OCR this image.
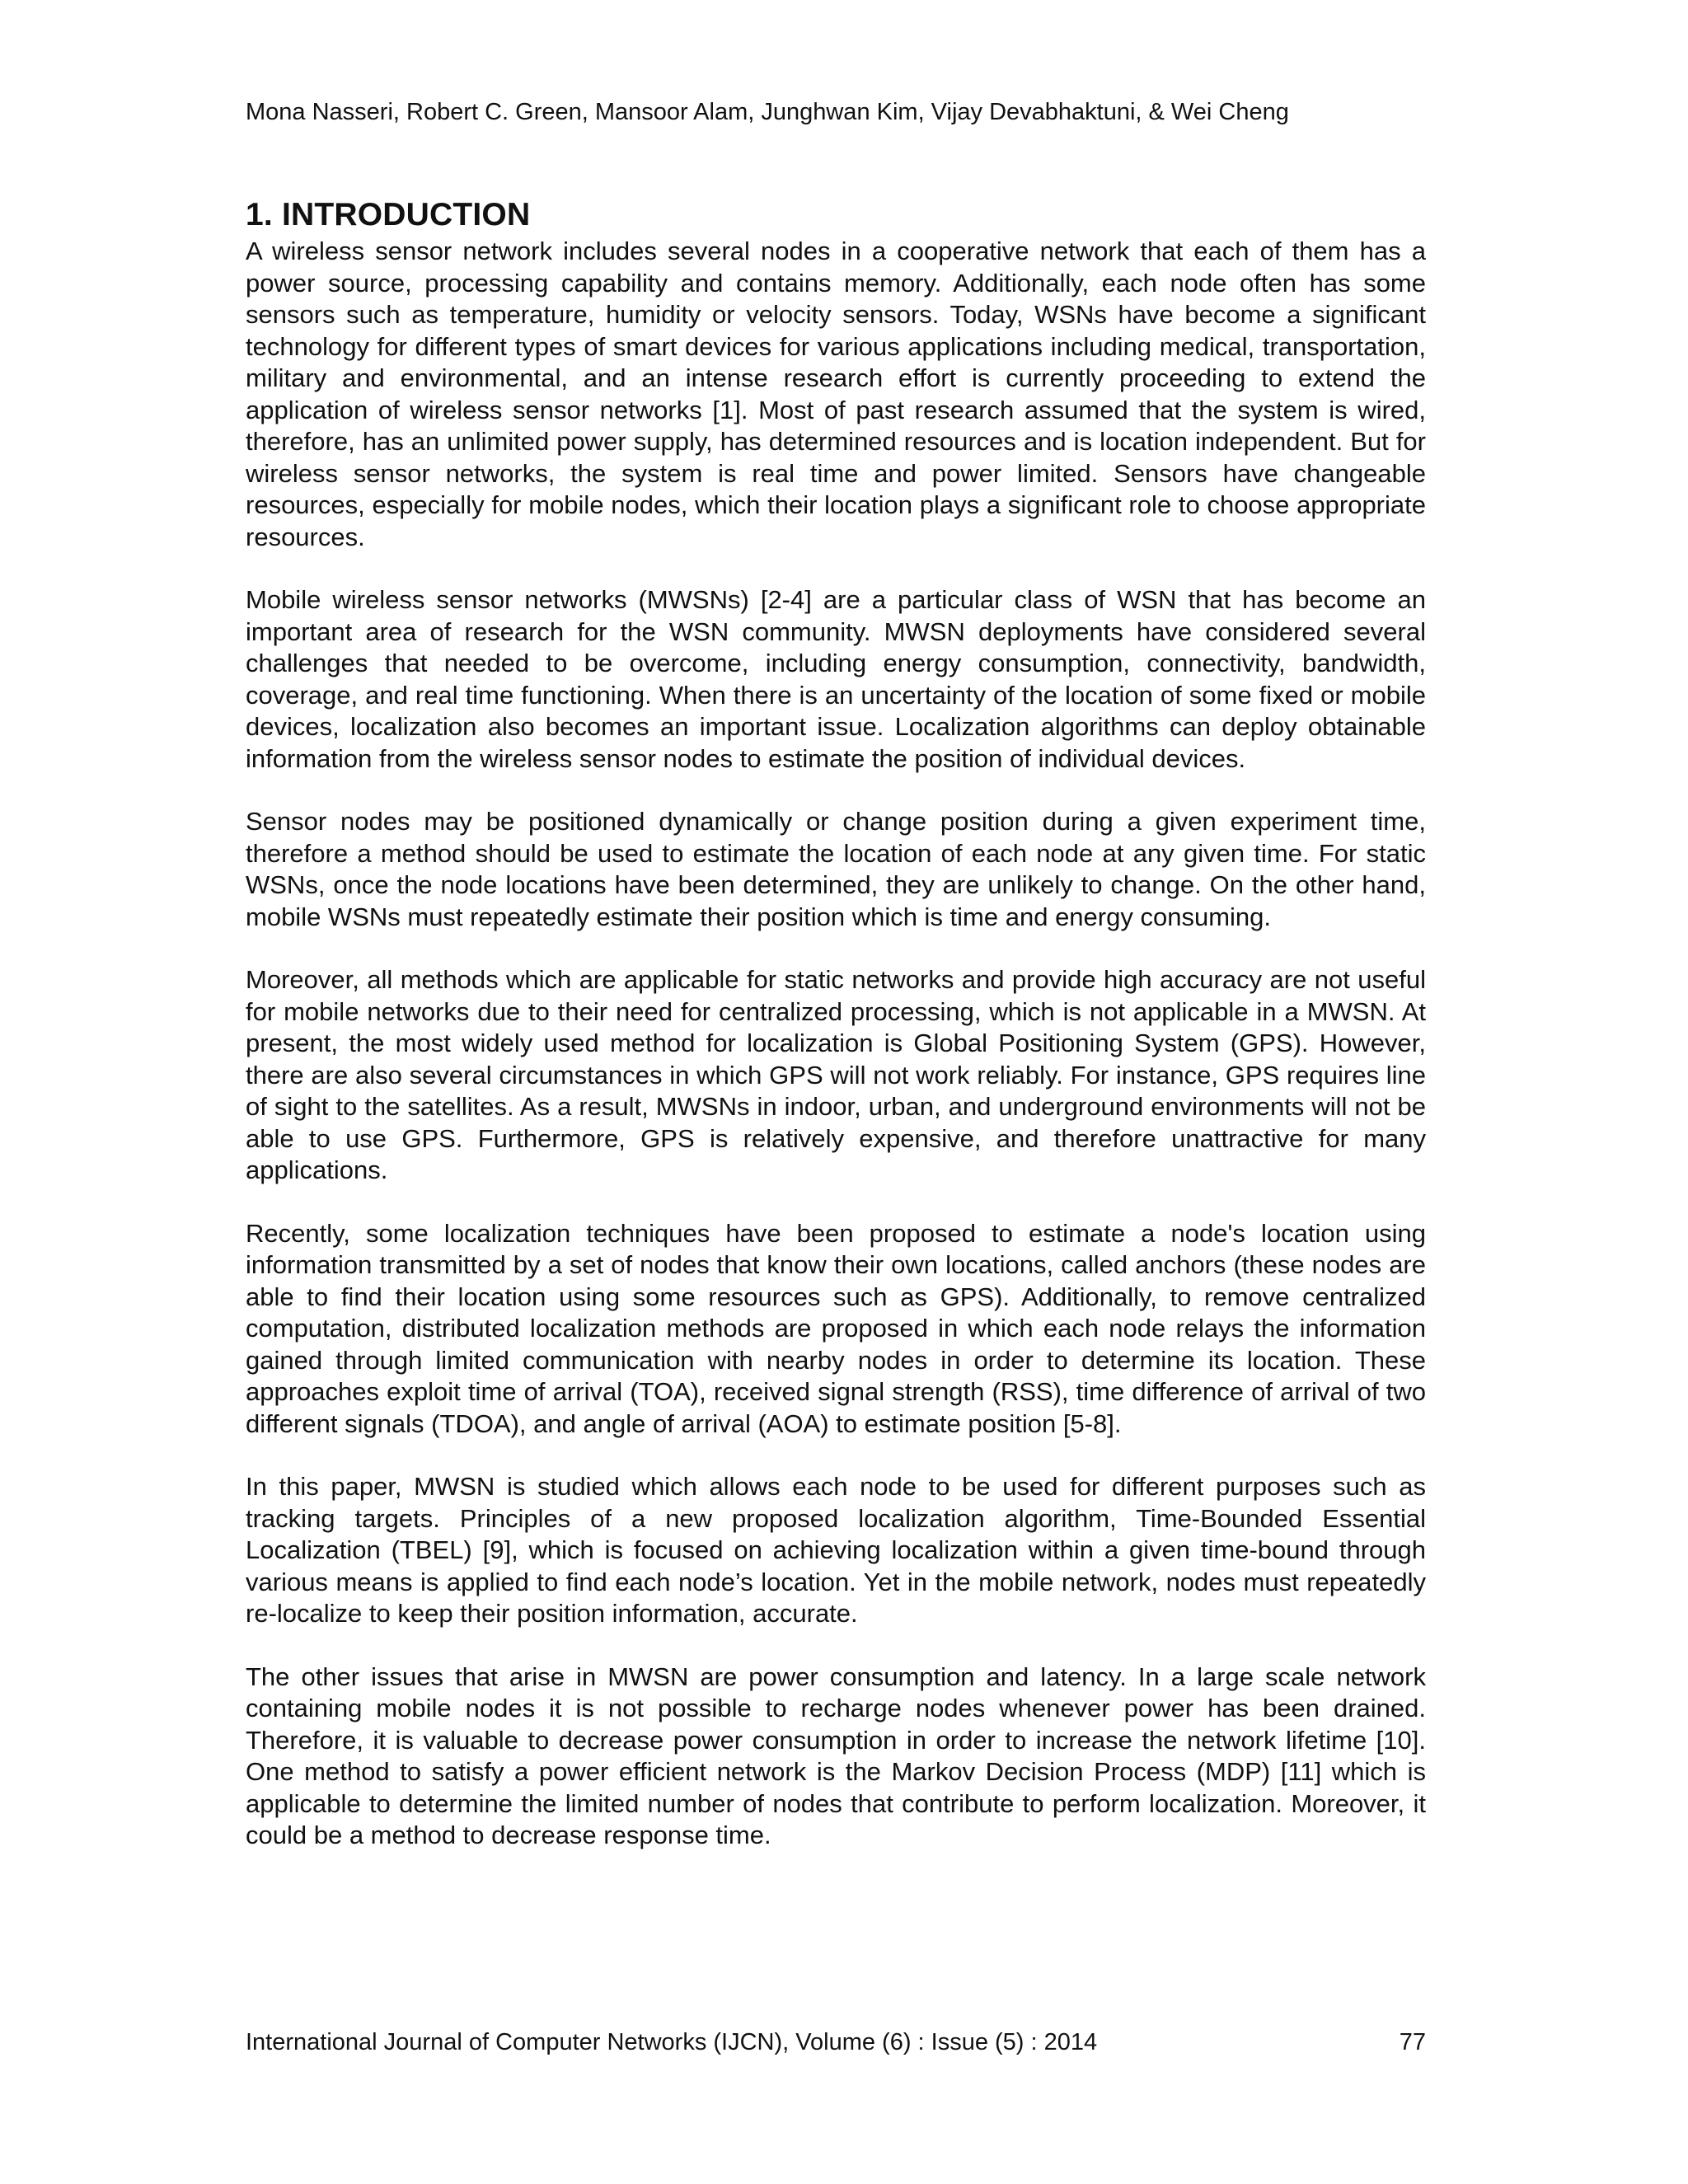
Mona Nasseri, Robert C. Green, Mansoor Alam, Junghwan Kim, Vijay Devabhaktuni, & Wei Cheng
1. INTRODUCTION

A wireless sensor network includes several nodes in a cooperative network that each of them has a power source, processing capability and contains memory. Additionally, each node often has some sensors such as temperature, humidity or velocity sensors. Today, WSNs have become a significant technology for different types of smart devices for various applications including medical, transportation, military and environmental, and an intense research effort is currently proceeding to extend the application of wireless sensor networks [1]. Most of past research assumed that the system is wired, therefore, has an unlimited power supply, has determined resources and is location independent. But for wireless sensor networks, the system is real time and power limited. Sensors have changeable resources, especially for mobile nodes, which their location plays a significant role to choose appropriate resources.

Mobile wireless sensor networks (MWSNs) [2-4] are a particular class of WSN that has become an important area of research for the WSN community. MWSN deployments have considered several challenges that needed to be overcome, including energy consumption, connectivity, bandwidth, coverage, and real time functioning. When there is an uncertainty of the location of some fixed or mobile devices, localization also becomes an important issue. Localization algorithms can deploy obtainable information from the wireless sensor nodes to estimate the position of individual devices.

Sensor nodes may be positioned dynamically or change position during a given experiment time, therefore a method should be used to estimate the location of each node at any given time. For static WSNs, once the node locations have been determined, they are unlikely to change. On the other hand, mobile WSNs must repeatedly estimate their position which is time and energy consuming.

Moreover, all methods which are applicable for static networks and provide high accuracy are not useful for mobile networks due to their need for centralized processing, which is not applicable in a MWSN. At present, the most widely used method for localization is Global Positioning System (GPS). However, there are also several circumstances in which GPS will not work reliably. For instance, GPS requires line of sight to the satellites. As a result, MWSNs in indoor, urban, and underground environments will not be able to use GPS. Furthermore, GPS is relatively expensive, and therefore unattractive for many applications.

Recently, some localization techniques have been proposed to estimate a node's location using information transmitted by a set of nodes that know their own locations, called anchors (these nodes are able to find their location using some resources such as GPS). Additionally, to remove centralized computation, distributed localization methods are proposed in which each node relays the information gained through limited communication with nearby nodes in order to determine its location. These approaches exploit time of arrival (TOA), received signal strength (RSS), time difference of arrival of two different signals (TDOA), and angle of arrival (AOA) to estimate position [5-8].

In this paper, MWSN is studied which allows each node to be used for different purposes such as tracking targets. Principles of a new proposed localization algorithm, Time-Bounded Essential Localization (TBEL) [9], which is focused on achieving localization within a given time-bound through various means is applied to find each node’s location. Yet in the mobile network, nodes must repeatedly re-localize to keep their position information, accurate.

The other issues that arise in MWSN are power consumption and latency. In a large scale network containing mobile nodes it is not possible to recharge nodes whenever power has been drained. Therefore, it is valuable to decrease power consumption in order to increase the network lifetime [10]. One method to satisfy a power efficient network is the Markov Decision Process (MDP) [11] which is applicable to determine the limited number of nodes that contribute to perform localization. Moreover, it could be a method to decrease response time.

International Journal of Computer Networks (IJCN), Volume (6) : Issue (5) : 2014	77
